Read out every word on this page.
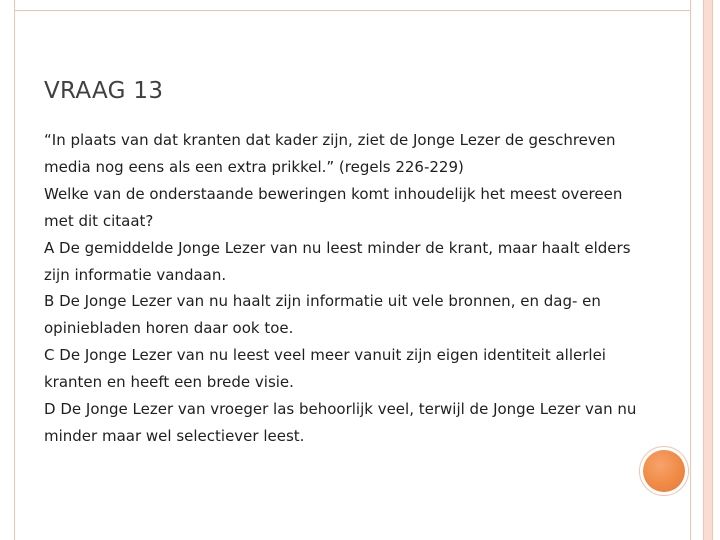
VRAAG 13

“In plaats van dat kranten dat kader zijn, ziet de Jonge Lezer de geschreven media nog eens als een extra prikkel.” (regels 226-229)

Welke van de onderstaande beweringen komt inhoudelijk het meest overeen met dit citaat?

A De gemiddelde Jonge Lezer van nu leest minder de krant, maar haalt elders zijn informatie vandaan.

B De Jonge Lezer van nu haalt zijn informatie uit vele bronnen, en dag- en opiniebladen horen daar ook toe.

C De Jonge Lezer van nu leest veel meer vanuit zijn eigen identiteit allerlei kranten en heeft een brede visie.

D De Jonge Lezer van vroeger las behoorlijk veel, terwijl de Jonge Lezer van nu minder maar wel selectiever leest.
